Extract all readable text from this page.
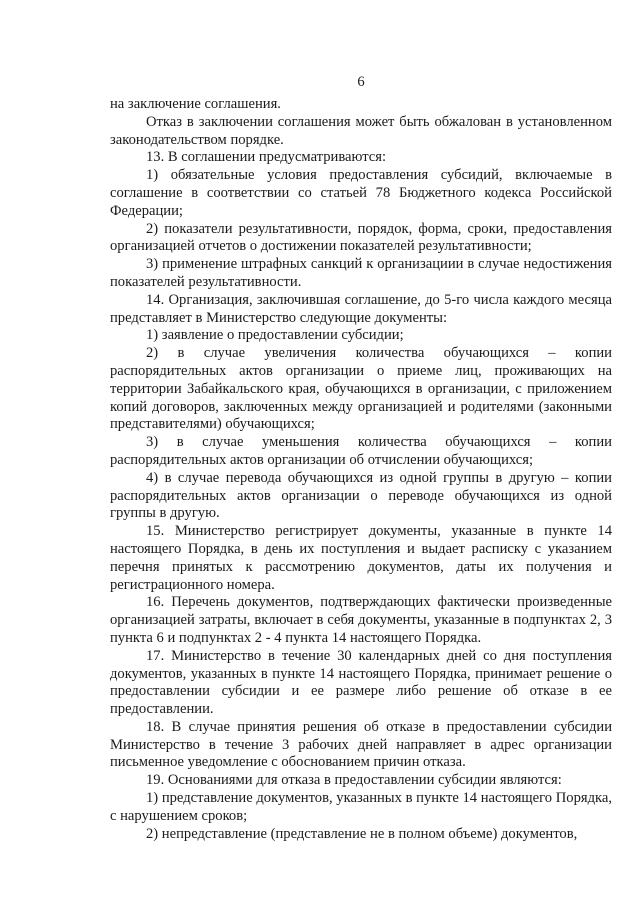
6

на заключение соглашения.

Отказ в заключении соглашения может быть обжалован в установленном законодательством порядке.

13. В соглашении предусматриваются:

1) обязательные условия предоставления субсидий, включаемые в соглашение в соответствии со статьей 78 Бюджетного кодекса Российской Федерации;

2) показатели результативности, порядок, форма, сроки, предоставления организацией отчетов о достижении показателей результативности;

3) применение штрафных санкций к организациии в случае недостижения показателей результативности.

14. Организация, заключившая соглашение, до 5-го числа каждого месяца представляет в Министерство следующие документы:

1) заявление о предоставлении субсидии;

2) в случае увеличения количества обучающихся – копии распорядительных актов организации о приеме лиц, проживающих на территории Забайкальского края, обучающихся в организации, с приложением копий договоров, заключенных между организацией и родителями (законными представителями) обучающихся;

3) в случае уменьшения количества обучающихся – копии распорядительных актов организации об отчислении обучающихся;

4) в случае перевода обучающихся из одной группы в другую – копии распорядительных актов организации о переводе обучающихся из одной группы в другую.

15. Министерство регистрирует документы, указанные в пункте 14 настоящего Порядка, в день их поступления и выдает расписку с указанием перечня принятых к рассмотрению документов, даты их получения и регистрационного номера.

16. Перечень документов, подтверждающих фактически произведенные организацией затраты, включает в себя документы, указанные в подпунктах 2, 3 пункта 6 и подпунктах 2 - 4 пункта 14 настоящего Порядка.

17. Министерство в течение 30 календарных дней со дня поступления документов, указанных в пункте 14 настоящего Порядка, принимает решение о предоставлении субсидии и ее размере либо решение об отказе в ее предоставлении.

18. В случае принятия решения об отказе в предоставлении субсидии Министерство в течение 3 рабочих дней направляет в адрес организации письменное уведомление с обоснованием причин отказа.

19. Основаниями для отказа в предоставлении субсидии являются:

1) представление документов, указанных в пункте 14 настоящего Порядка, с нарушением сроков;

2) непредставление (представление не в полном объеме) документов,
